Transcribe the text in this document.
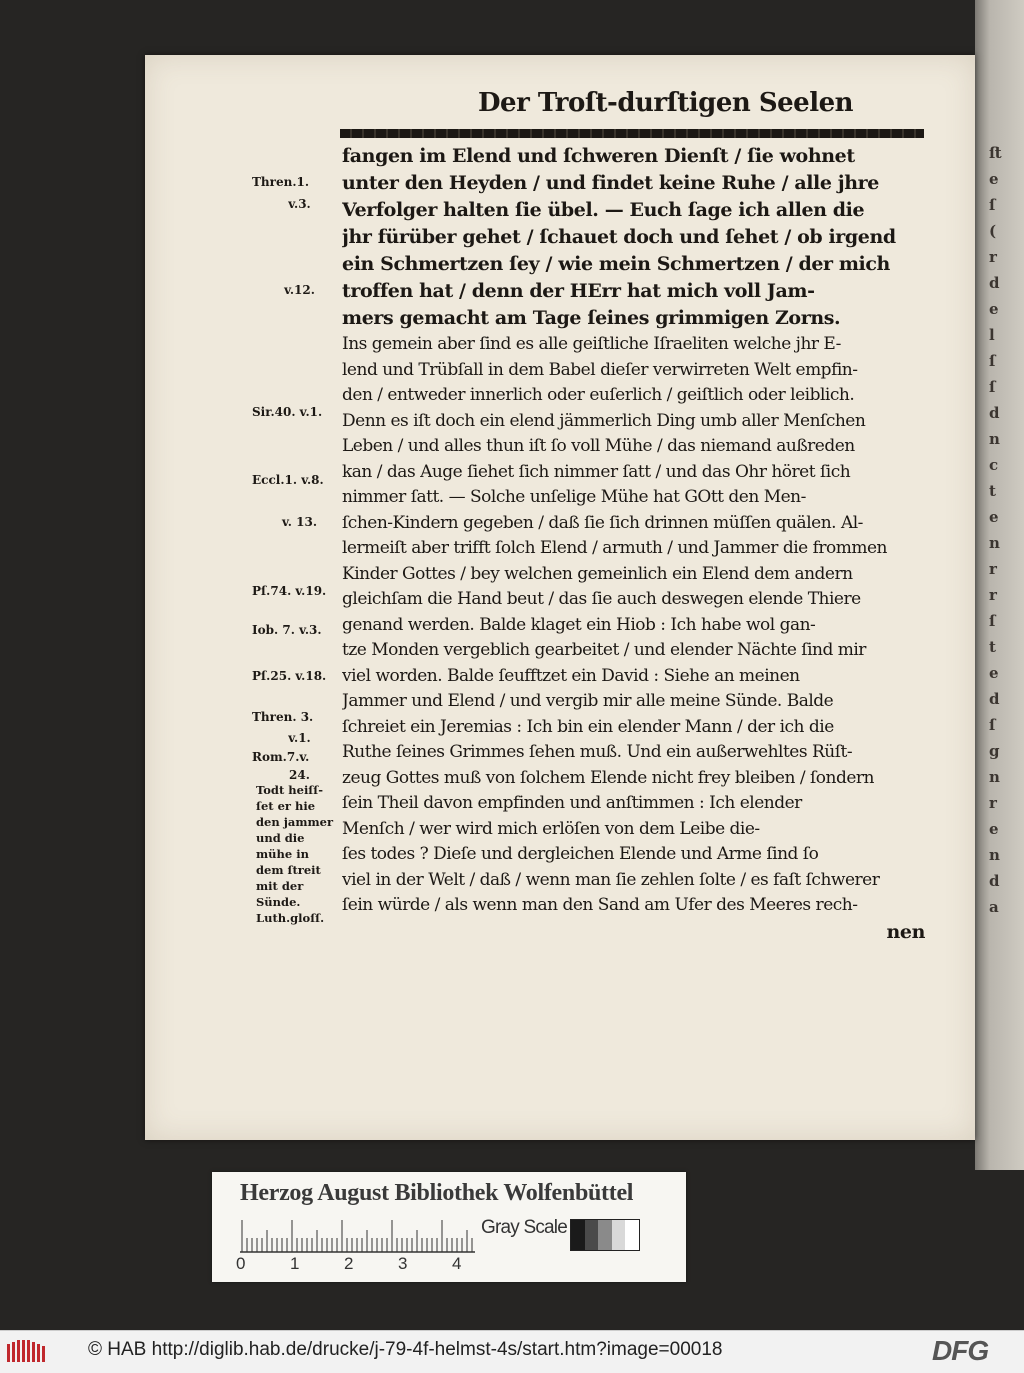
ﬅ
e
ſ
(
r
d
e
l
ſ
ſ
d
n
c
t
e
n
r
r
ſ
t
e
d
ſ
g
n
r
e
n
d
a
Der Troſt-durſtigen Seelen
fangen im Elend und ſchweren Dienſt / ſie wohnet
unter den Heyden / und findet keine Ruhe / alle jhre
Verfolger halten ſie übel. — Euch ſage ich allen die
jhr fürüber gehet / ſchauet doch und ſehet / ob irgend
ein Schmertzen ſey / wie mein Schmertzen / der mich
troffen hat / denn der HErr hat mich voll Jam-
mers gemacht am Tage ſeines grimmigen Zorns.
Ins gemein aber ſind es alle geiſtliche Iſraeliten welche jhr E-
lend und Trübſall in dem Babel dieſer verwirreten Welt empfin-
den / entweder innerlich oder euſerlich / geiſtlich oder leiblich.
Denn es iſt doch ein elend jämmerlich Ding umb aller Menſchen
Leben / und alles thun iſt ſo voll Mühe / das niemand außreden
kan / das Auge ſiehet ſich nimmer ſatt / und das Ohr höret ſich
nimmer ſatt. — Solche unſelige Mühe hat GOtt den Men-
ſchen-Kindern gegeben / daß ſie ſich drinnen müſſen quälen. Al-
lermeiſt aber trifft ſolch Elend / armuth / und Jammer die frommen
Kinder Gottes / bey welchen gemeinlich ein Elend dem andern
gleichſam die Hand beut / das ſie auch deswegen elende Thiere
genand werden. Balde klaget ein Hiob : Ich habe wol gan-
tze Monden vergeblich gearbeitet / und elender Nächte ſind mir
viel worden. Balde ſeufftzet ein David : Siehe an meinen
Jammer und Elend / und vergib mir alle meine Sünde. Balde
ſchreiet ein Jeremias : Ich bin ein elender Mann / der ich die
Ruthe ſeines Grimmes ſehen muß. Und ein außerwehltes Rüſt-
zeug Gottes muß von ſolchem Elende nicht frey bleiben / ſondern
ſein Theil davon empfinden und anſtimmen : Ich elender
Menſch / wer wird mich erlöſen von dem Leibe die-
ſes todes ? Dieſe und dergleichen Elende und Arme ſind ſo
viel in der Welt / daß / wenn man ſie zehlen ſolte / es faſt ſchwerer
ſein würde / als wenn man den Sand am Ufer des Meeres rech-
nen
Thren.1.
v.3.
v.12.
Sir.40. v.1.
Eccl.1. v.8.
v. 13.
Pſ.74. v.19.
Iob. 7. v.3.
Pſ.25. v.18.
Thren. 3.
v.1.
Rom.7.v.
24.
Todt heiſſ-
ſet er hie
den jammer
und die
mühe in
dem ſtreit
mit der
Sünde.
Luth.gloſſ.
Herzog August Bibliothek Wolfenbüttel
0	1	2	3	4
Gray Scale
© HAB http://diglib.hab.de/drucke/j-79-4f-helmst-4s/start.htm?image=00018	DFG
